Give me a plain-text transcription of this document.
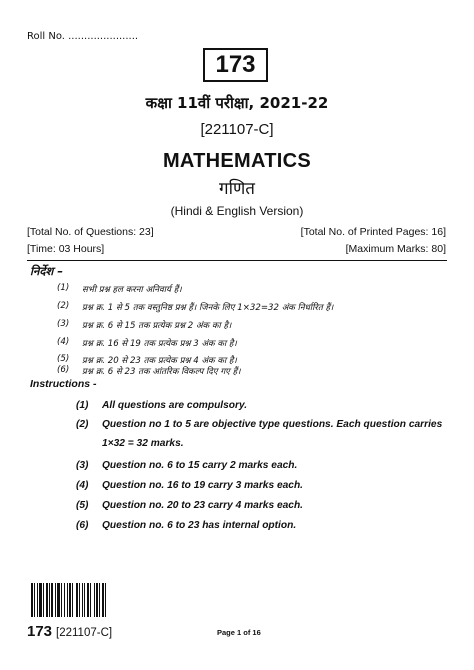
Roll No. ......................
173
कक्षा 11वीं परीक्षा, 2021-22
[221107-C]
MATHEMATICS
गणित
(Hindi & English Version)
[Total No. of Questions: 23]	[Total No. of Printed Pages: 16]
[Time: 03 Hours]	[Maximum Marks: 80]
निर्देश –
(1)	सभी प्रश्न हल करना अनिवार्य हैं।
(2)	प्रश्न क्र. 1 से 5 तक वस्तुनिष्ठ प्रश्न हैं। जिनके लिए 1×32=32 अंक निर्धारित हैं।
(3)	प्रश्न क्र. 6 से 15 तक प्रत्येक प्रश्न 2 अंक का है।
(4)	प्रश्न क्र. 16 से 19 तक प्रत्येक प्रश्न 3 अंक का है।
(5)	प्रश्न क्र. 20 से 23 तक प्रत्येक प्रश्न 4 अंक का है।
(6)	प्रश्न क्र. 6 से 23 तक आंतरिक विकल्प दिए गए हैं।
Instructions -
(1)	All questions are compulsory.
(2)	Question no 1 to 5 are objective type questions. Each question carries
1×32 = 32 marks.
(3)	Question no. 6 to 15 carry 2 marks each.
(4)	Question no. 16 to 19 carry 3 marks each.
(5)	Question no. 20 to 23 carry 4 marks each.
(6)	Question no. 6 to 23 has internal option.
173 [221107-C]	Page 1 of 16
